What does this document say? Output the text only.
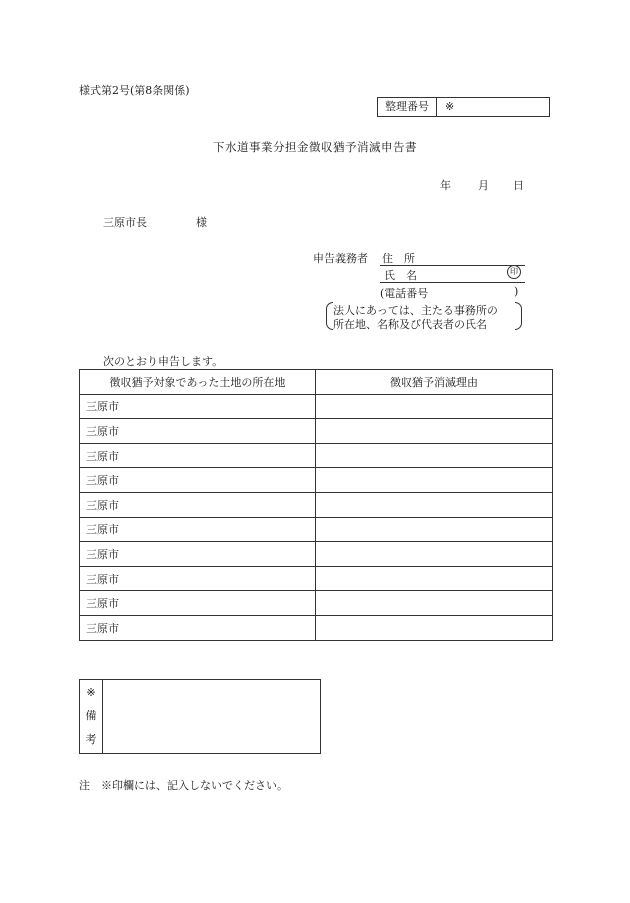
様式第2号(第8条関係)
整理番号	※
下水道事業分担金徴収猶予消滅申告書
年 月 日
三原市長	様
申告義務者 住　所
氏　名	印
(電話番号	)
法人にあっては、主たる事務所の
所在地、名称及び代表者の氏名
次のとおり申告します。
徴収猶予対象であった土地の所在地	徴収猶予消滅理由
三原市	
三原市	
三原市	
三原市	
三原市	
三原市	
三原市	
三原市	
三原市	
三原市	
※
備
考
注　※印欄には、記入しないでください。
